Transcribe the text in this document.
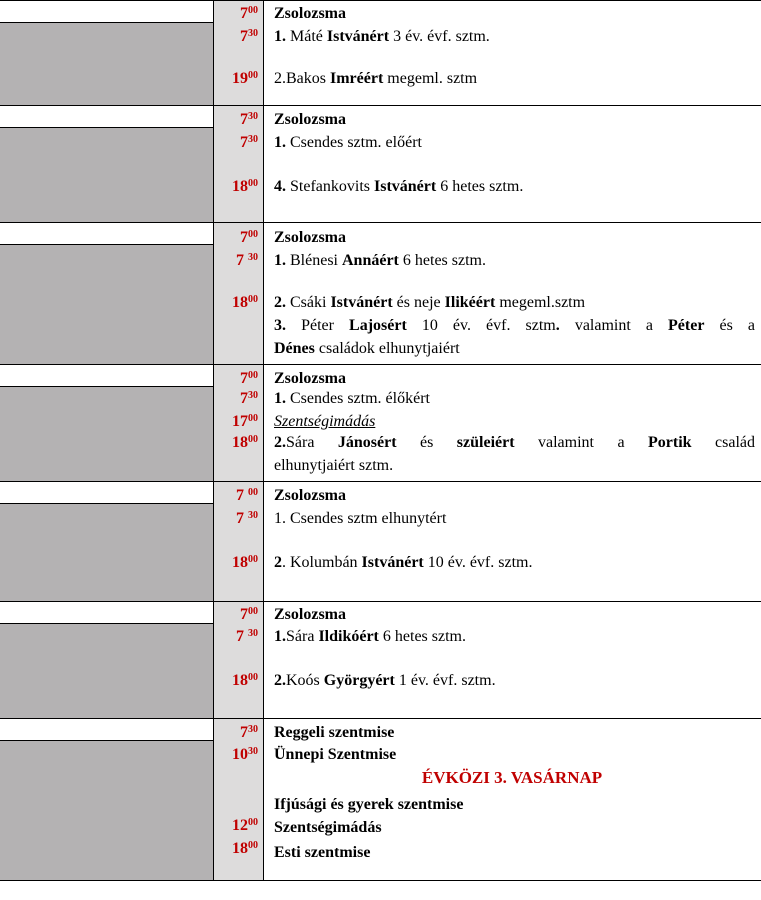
$7^{00}$
$7^{30}$
$19^{00}$
Zsolozsma
1. Máté Istvánért 3 év. évf. sztm.
2.Bakos Imréért megeml. sztm
$7^{30}$
$7^{30}$
$18^{00}$
Zsolozsma
1. Csendes sztm. előért
4. Stefankovits Istvánért 6 hetes sztm.
$7^{00}$
7 $^{30}$
$18^{00}$
Zsolozsma
1. Blénesi Annáért 6 hetes sztm.
2. Csáki Istvánért és neje Ilikéért megeml.sztm
3. Péter Lajosért 10 év. évf. sztm. valamint a Péter és a
Dénes családok elhunytjaiért
$7^{00}$
$7^{30}$
$17^{00}$
$18^{00}$
Zsolozsma
1. Csendes sztm. élőkért
Szentségimádás
2.Sára Jánosért és szüleiért valamint a Portik család
elhunytjaiért sztm.
7 $^{00}$
7 $^{30}$
$18^{00}$
Zsolozsma
1. Csendes sztm elhunytért
2. Kolumbán Istvánért 10 év. évf. sztm.
$7^{00}$
7 $^{30}$
$18^{00}$
Zsolozsma
1.Sára Ildikóért 6 hetes sztm.
2.Koós Györgyért 1 év. évf. sztm.
$7^{30}$
$10^{30}$
$12^{00}$
$18^{00}$
Reggeli szentmise
Ünnepi Szentmise
ÉVKÖZI 3. VASÁRNAP
Ifjúsági és gyerek szentmise
Szentségimádás
Esti szentmise
